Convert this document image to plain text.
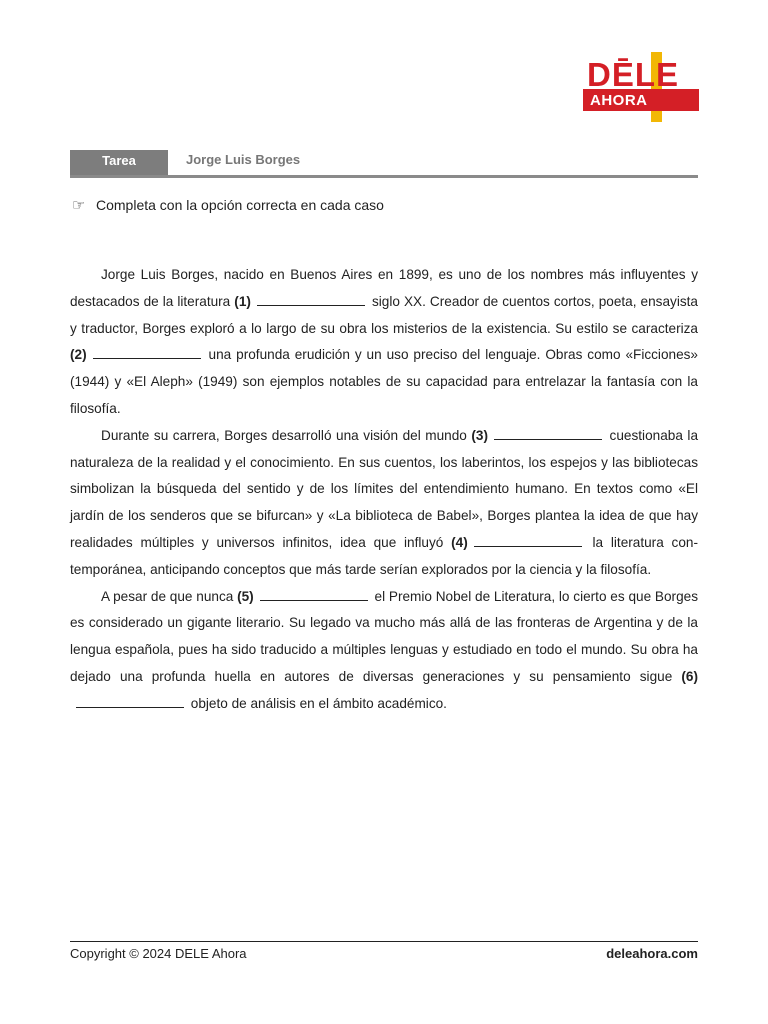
DĒLE
AHORA
Tarea	Jorge Luis Borges
☞ Completa con la opción correcta en cada caso

Jorge Luis Borges, nacido en Buenos Aires en 1899, es uno de los nombres más influyentes y destacados de la literatura (1)	siglo XX. Creador de cuentos cortos, poeta, ensayista y traductor, Borges exploró a lo largo de su obra los misterios de la existencia. Su estilo se caracteriza (2)	una profunda erudición y un uso preciso del lenguaje. Obras como «Ficciones» (1944) y «El Aleph» (1949) son ejemplos notables de su capacidad para entrelazar la fantasía con la filosofía.

Durante su carrera, Borges desarrolló una visión del mundo (3)	cuestionaba la naturaleza de la realidad y el conocimiento. En sus cuentos, los laberintos, los espejos y las bibliotecas simbolizan la búsqueda del sentido y de los límites del entendimiento humano. En textos como «El jardín de los senderos que se bifurcan» y «La biblioteca de Babel», Borges plantea la idea de que hay realidades múltiples y universos infinitos, idea que influyó (4)	la literatura contemporánea, anticipando conceptos que más tarde serían explorados por la ciencia y la filosofía.

A pesar de que nunca (5)	el Premio Nobel de Literatura, lo cierto es que Borges es considerado un gigante literario. Su legado va mucho más allá de las fronteras de Argentina y de la lengua española, pues ha sido traducido a múltiples lenguas y estudiado en todo el mundo. Su obra ha dejado una profunda huella en autores de diversas generaciones y su pensamiento sigue (6) objeto de análisis en el ámbito académico.

Copyright © 2024 DELE Ahora	deleahora.com
